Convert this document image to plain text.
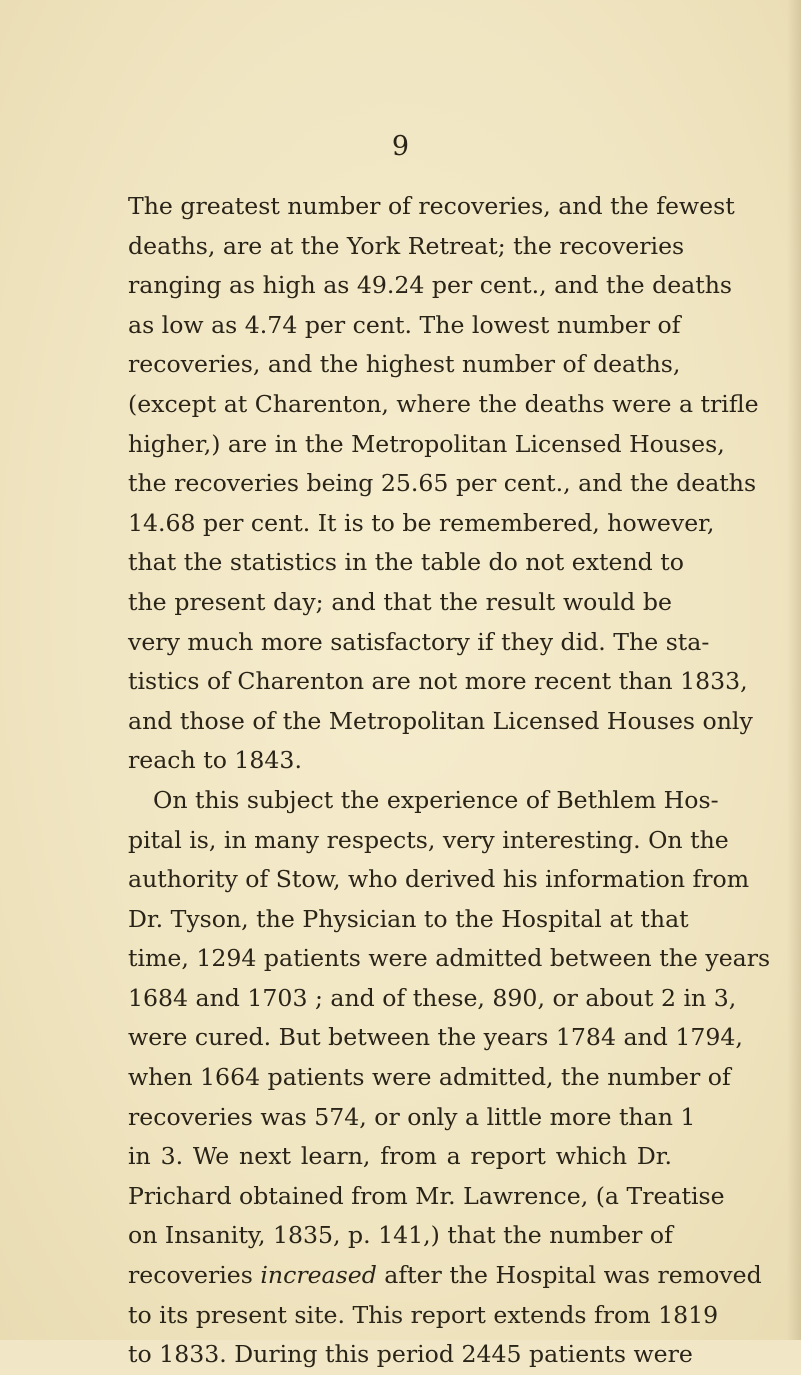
9
The greatest number of recoveries, and the fewest
deaths, are at the York Retreat; the recoveries
ranging as high as 49.24 per cent., and the deaths
as low as 4.74 per cent. The lowest number of
recoveries, and the highest number of deaths,
(except at Charenton, where the deaths were a trifle
higher,) are in the Metropolitan Licensed Houses,
the recoveries being 25.65 per cent., and the deaths
14.68 per cent. It is to be remembered, however,
that the statistics in the table do not extend to
the present day; and that the result would be
very much more satisfactory if they did. The sta-
tistics of Charenton are not more recent than 1833,
and those of the Metropolitan Licensed Houses only
reach to 1843.
On this subject the experience of Bethlem Hos-
pital is, in many respects, very interesting. On the
authority of Stow, who derived his information from
Dr. Tyson, the Physician to the Hospital at that
time, 1294 patients were admitted between the years
1684 and 1703 ; and of these, 890, or about 2 in 3,
were cured. But between the years 1784 and 1794,
when 1664 patients were admitted, the number of
recoveries was 574, or only a little more than 1
in 3. We next learn, from a report which Dr.
Prichard obtained from Mr. Lawrence, (a Treatise
on Insanity, 1835, p. 141,) that the number of
recoveries increased after the Hospital was removed
to its present site. This report extends from 1819
to 1833. During this period 2445 patients were
